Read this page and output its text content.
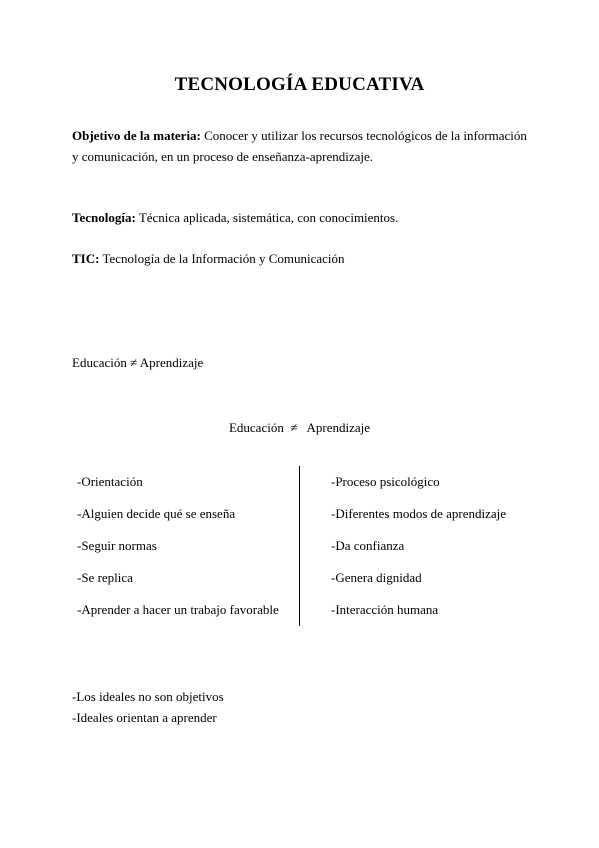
TECNOLOGÍA EDUCATIVA
Objetivo de la materia: Conocer y utilizar los recursos tecnológicos de la información y comunicación, en un proceso de enseñanza-aprendizaje.
Tecnología: Técnica aplicada, sistemática, con conocimientos.
TIC: Tecnología de la Información y Comunicación
Educación ≠ Aprendizaje
Educación  ≠   Aprendizaje
-Orientación	-Proceso psicológico
-Alguien decide qué se enseña	-Diferentes modos de aprendizaje
-Seguir normas	-Da confianza
-Se replica	-Genera dignidad
-Aprender a hacer un trabajo favorable	-Interacción humana
-Los ideales no son objetivos
-Ideales orientan a aprender
